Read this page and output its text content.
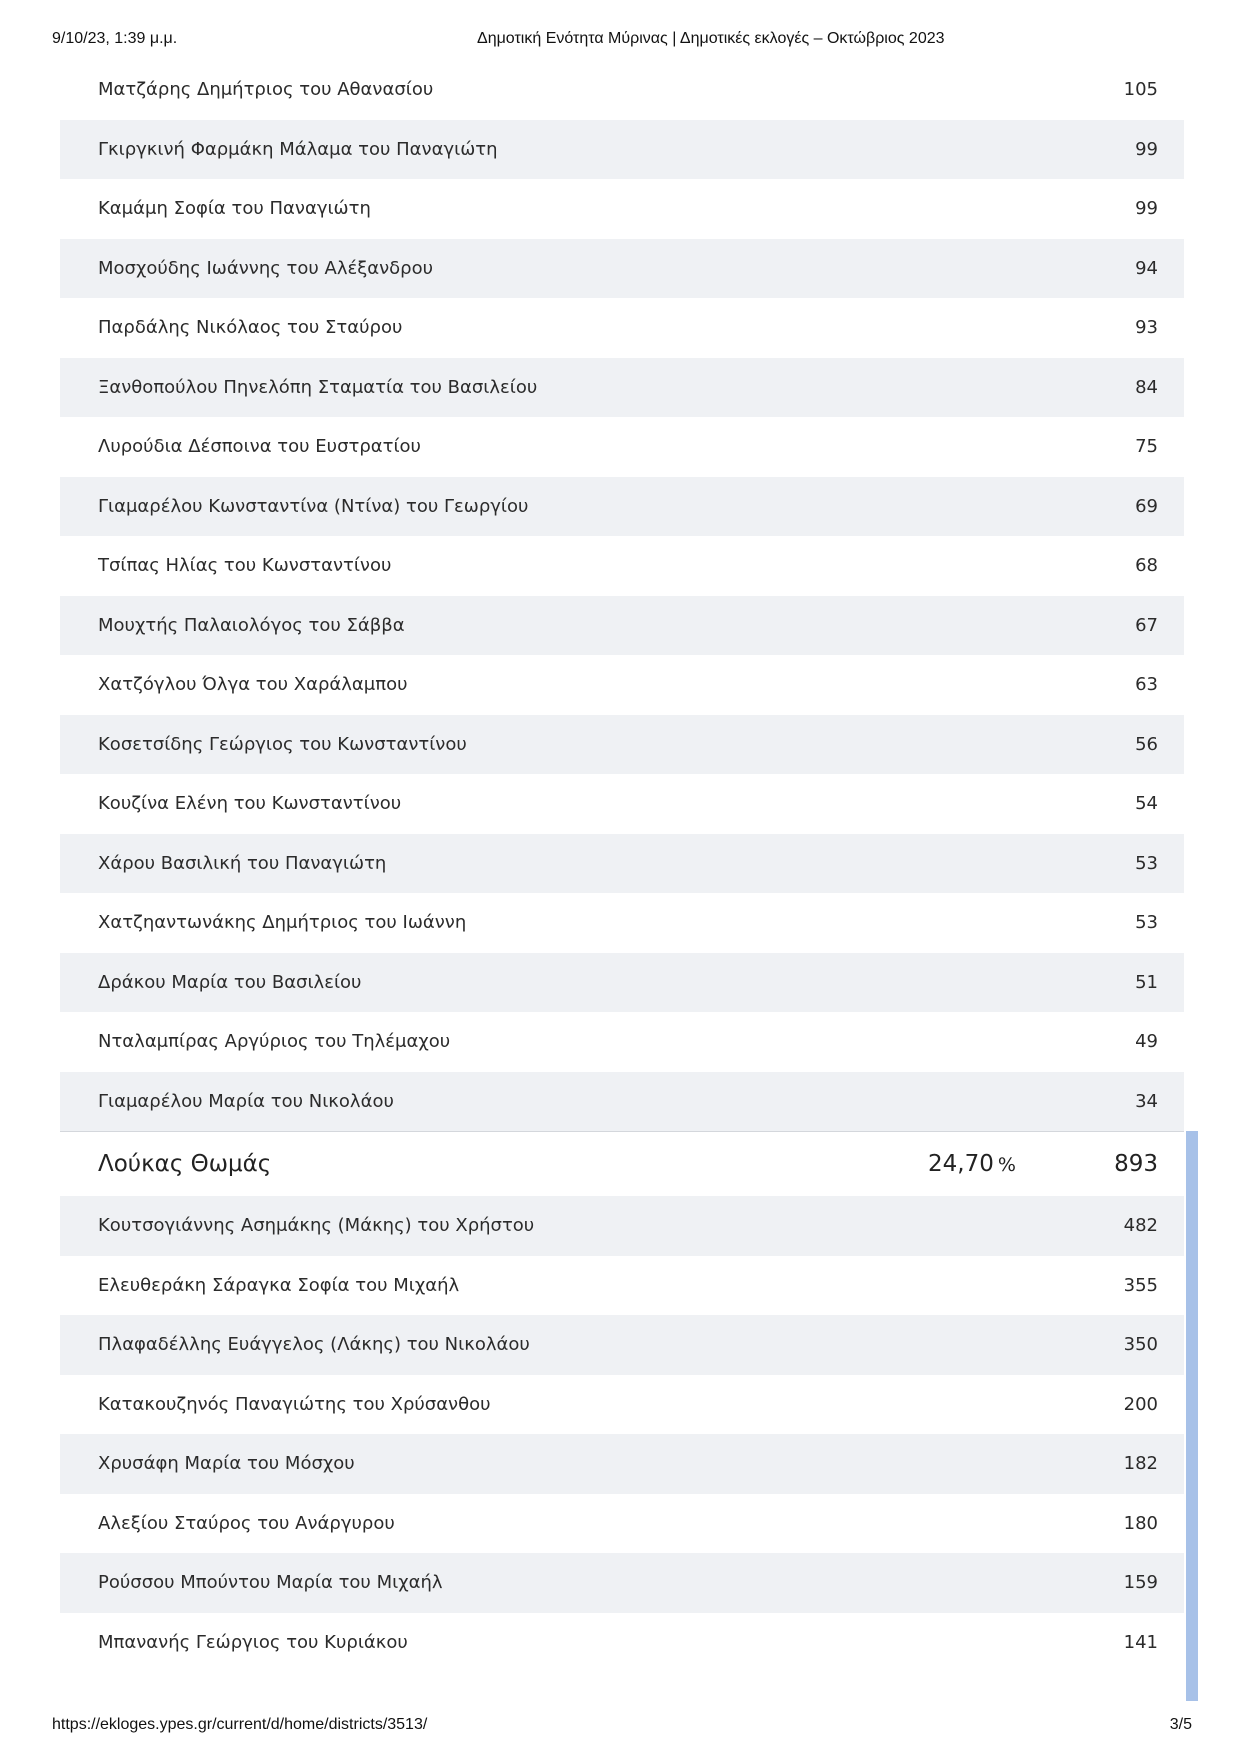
9/10/23, 1:39 μ.μ.	Δημοτική Ενότητα Μύρινας | Δημοτικές εκλογές – Οκτώβριος 2023
Ματζάρης Δημήτριος του Αθανασίου	105
Γκιργκινή Φαρμάκη Μάλαμα του Παναγιώτη	99
Καμάμη Σοφία του Παναγιώτη	99
Μοσχούδης Ιωάννης του Αλέξανδρου	94
Παρδάλης Νικόλαος του Σταύρου	93
Ξανθοπούλου Πηνελόπη Σταματία του Βασιλείου	84
Λυρούδια Δέσποινα του Ευστρατίου	75
Γιαμαρέλου Κωνσταντίνα (Ντίνα) του Γεωργίου	69
Τσίπας Ηλίας του Κωνσταντίνου	68
Μουχτής Παλαιολόγος του Σάββα	67
Χατζόγλου Όλγα του Χαράλαμπου	63
Κοσετσίδης Γεώργιος του Κωνσταντίνου	56
Κουζίνα Ελένη του Κωνσταντίνου	54
Χάρου Βασιλική του Παναγιώτη	53
Χατζηαντωνάκης Δημήτριος του Ιωάννη	53
Δράκου Μαρία του Βασιλείου	51
Νταλαμπίρας Αργύριος του Τηλέμαχου	49
Γιαμαρέλου Μαρία του Νικολάου	34
Λούκας Θωμάς	24,70 %	893
Κουτσογιάννης Ασημάκης (Μάκης) του Χρήστου	482
Ελευθεράκη Σάραγκα Σοφία του Μιχαήλ	355
Πλαφαδέλλης Ευάγγελος (Λάκης) του Νικολάου	350
Κατακουζηνός Παναγιώτης του Χρύσανθου	200
Χρυσάφη Μαρία του Μόσχου	182
Αλεξίου Σταύρος του Ανάργυρου	180
Ρούσσου Μπούντου Μαρία του Μιχαήλ	159
Μπανανής Γεώργιος του Κυριάκου	141
https://ekloges.ypes.gr/current/d/home/districts/3513/	3/5
